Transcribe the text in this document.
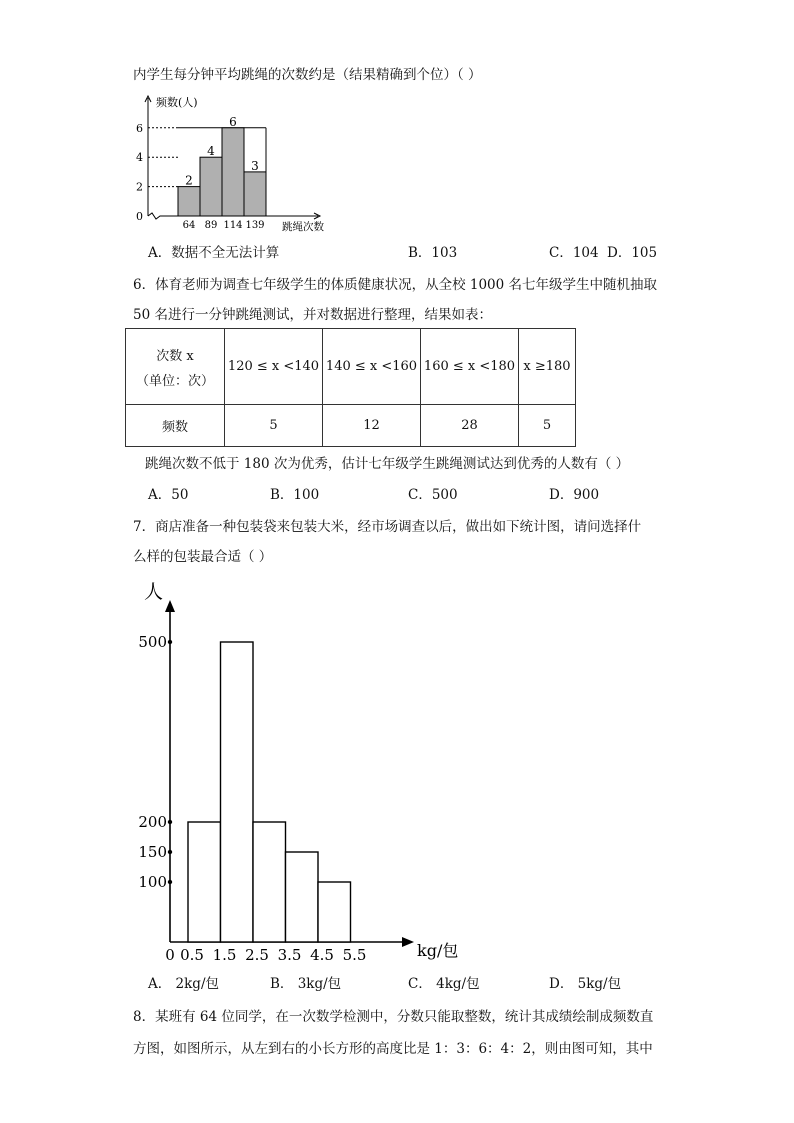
内学生每分钟平均跳绳的次数约是（结果精确到个位）（ ）
频数(人)
跳绳次数
0
2
4
6
2
64
4
89
6
114
3
139
A．数据不全无法计算	B．103	C．104 D．105
6．体育老师为调查七年级学生的体质健康状况，从全校 1000 名七年级学生中随机抽取
50 名进行一分钟跳绳测试，并对数据进行整理，结果如表：
次数 x
（单位：次）	120 ≤ x <140	140 ≤ x <160	160 ≤ x <180	x ≥180
频数	5	12	28	5
跳绳次数不低于 180 次为优秀，估计七年级学生跳绳测试达到优秀的人数有（ ）
A．50	B．100	C．500	D．900
7．商店准备一种包装袋来包装大米，经市场调查以后，做出如下统计图，请问选择什
么样的包装最合适（ ）
人
kg/包
100
150
200
500
0 0.5 1.5 2.5 3.5 4.5 5.5
A． 2kg/包	B． 3kg/包	C． 4kg/包	D． 5kg/包
8．某班有 64 位同学，在一次数学检测中，分数只能取整数，统计其成绩绘制成频数直
方图，如图所示，从左到右的小长方形的高度比是 1：3：6：4：2，则由图可知，其中
